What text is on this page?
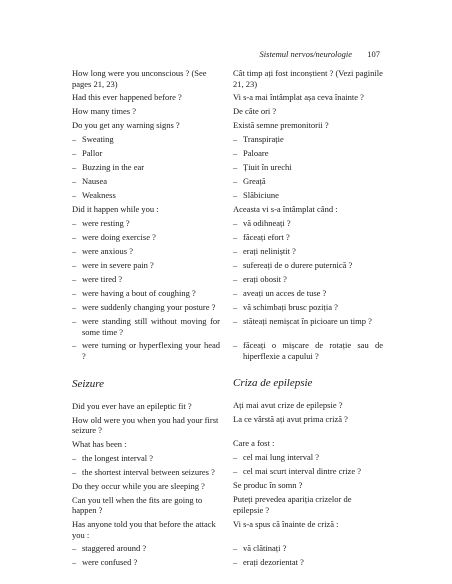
Sistemul nervos/neurologie 107
How long were you unconscious ? (See pages 21, 23)
Had this ever happened before ?
How many times ?
Do you get any warning signs ?
– Sweating
– Pallor
– Buzzing in the ear
– Nausea
– Weakness
Did it happen while you :
– were resting ?
– were doing exercise ?
– were anxious ?
– were in severe pain ?
– were tired ?
– were having a bout of coughing ?
– were suddenly changing your posture ?
– were standing still without moving for some time ?
– were turning or hyperflexing your head ?
Seizure
Did you ever have an epileptic fit ?
How old were you when you had your first seizure ?
What has been :
– the longest interval ?
– the shortest interval between seizures ?
Do they occur while you are sleeping ?
Can you tell when the fits are going to happen ?
Has anyone told you that before the attack you :
– staggered around ?
– were confused ?
Cât timp ați fost inconștient ? (Vezi paginile 21, 23)
Vi s-a mai întâmplat așa ceva înainte ?
De câte ori ?
Există semne premonitorii ?
– Transpirație
– Paloare
– Țiuit în urechi
– Greață
– Slăbiciune
Aceasta vi s-a întâmplat când :
– vă odihneați ?
– făceați efort ?
– erați neliniștit ?
– sufereați de o durere puternică ?
– erați obosit ?
– aveați un acces de tuse ?
– vă schimbați brusc poziția ?
– stăteați nemișcat în picioare un timp ?
– făceați o mișcare de rotație sau de hiperflexie a capului ?
Criza de epilepsie
Ați mai avut crize de epilepsie ?
La ce vârstă ați avut prima criză ?
Care a fost :
– cel mai lung interval ?
– cel mai scurt interval dintre crize ?
Se produc în somn ?
Puteți prevedea apariția crizelor de epilepsie ?
Vi s-a spus că înainte de criză :
– vă clătinați ?
– erați dezorientat ?
